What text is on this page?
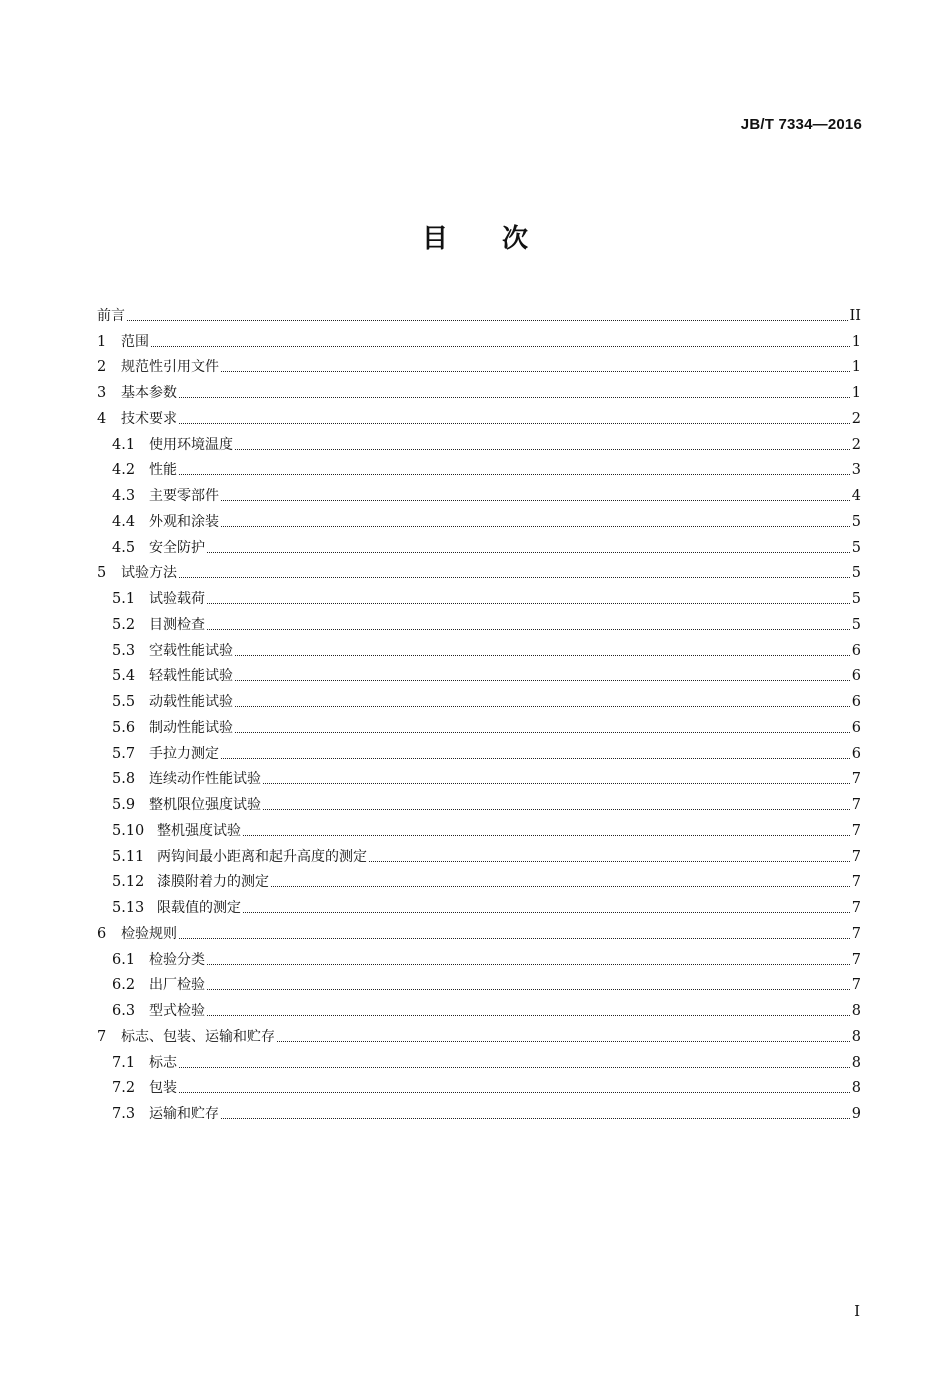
JB/T 7334—2016
目 次
前言	II
1	范围	1
2	规范性引用文件	1
3	基本参数	1
4	技术要求	2
4.1 使用环境温度	2
4.2 性能	3
4.3 主要零部件	4
4.4 外观和涂装	5
4.5 安全防护	5
5	试验方法	5
5.1 试验载荷	5
5.2 目测检查	5
5.3 空载性能试验	6
5.4 轻载性能试验	6
5.5 动载性能试验	6
5.6 制动性能试验	6
5.7 手拉力测定	6
5.8 连续动作性能试验	7
5.9 整机限位强度试验	7
5.10 整机强度试验	7
5.11 两钩间最小距离和起升高度的测定	7
5.12 漆膜附着力的测定	7
5.13 限载值的测定	7
6	检验规则	7
6.1 检验分类	7
6.2 出厂检验	7
6.3 型式检验	8
7	标志、包装、运输和贮存	8
7.1 标志	8
7.2 包装	8
7.3 运输和贮存	9
I
